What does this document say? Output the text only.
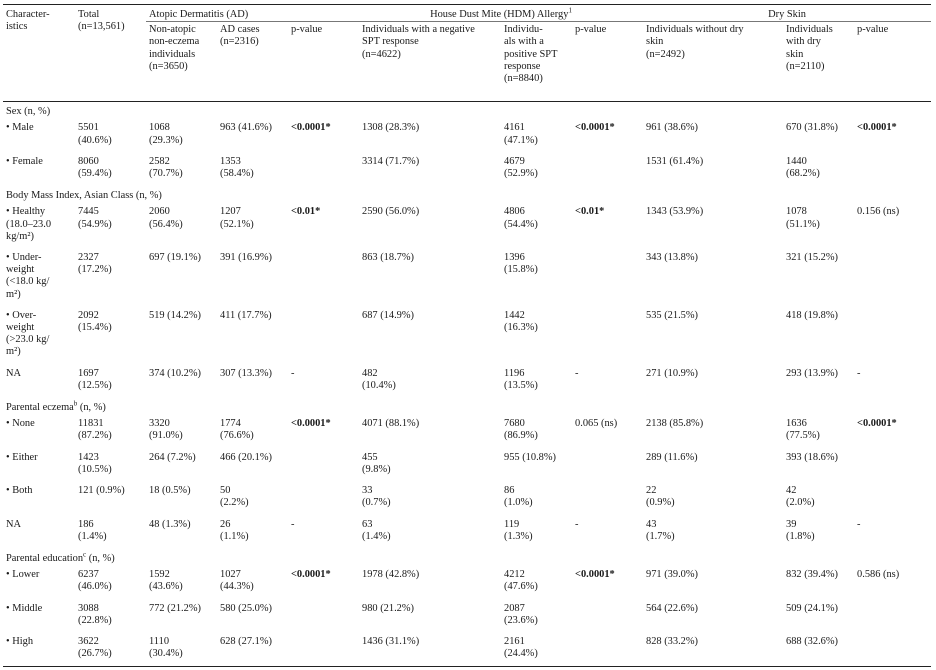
Character-
istics	Total
(n=13,561)	Atopic Dermatitis (AD)			House Dust Mite (HDM) Allergy$^1$			Dry Skin		
		Non-atopic
non-eczema
individuals
(n=3650)	AD cases
(n=2316)	p-value	Individuals with a negative
SPT response
(n=4622)	Individu-
als with a
positive SPT
response
(n=8840)	p-value	Individuals without dry
skin
(n=2492)	Individuals
with dry
skin
(n=2110)	p-value
Sex (n, %)										
• Male	5501
(40.6%)	1068
(29.3%)	963 (41.6%)	<0.0001*	1308 (28.3%)	4161
(47.1%)	<0.0001*	961 (38.6%)	670 (31.8%)	<0.0001*
• Female	8060
(59.4%)	2582
(70.7%)	1353
(58.4%)		3314 (71.7%)	4679
(52.9%)		1531 (61.4%)	1440
(68.2%)	
Body Mass Index, Asian Class (n, %)										
• Healthy
(18.0–23.0
kg/m²)	7445
(54.9%)	2060
(56.4%)	1207
(52.1%)	<0.01*	2590 (56.0%)	4806
(54.4%)	<0.01*	1343 (53.9%)	1078
(51.1%)	0.156 (ns)
• Under-
weight
(<18.0 kg/
m²)	2327
(17.2%)	697 (19.1%)	391 (16.9%)		863 (18.7%)	1396
(15.8%)		343 (13.8%)	321 (15.2%)	
• Over-
weight
(>23.0 kg/
m²)	2092
(15.4%)	519 (14.2%)	411 (17.7%)		687 (14.9%)	1442
(16.3%)		535 (21.5%)	418 (19.8%)	
NA	1697
(12.5%)	374 (10.2%)	307 (13.3%)	-	482
(10.4%)	1196
(13.5%)	-	271 (10.9%)	293 (13.9%)	-
Parental eczema$^b$ (n, %)										
• None	11831
(87.2%)	3320
(91.0%)	1774
(76.6%)	<0.0001*	4071 (88.1%)	7680
(86.9%)	0.065 (ns)	2138 (85.8%)	1636
(77.5%)	<0.0001*
• Either	1423
(10.5%)	264 (7.2%)	466 (20.1%)		455
(9.8%)	955 (10.8%)		289 (11.6%)	393 (18.6%)	
• Both	121 (0.9%)	18 (0.5%)	50
(2.2%)		33
(0.7%)	86
(1.0%)		22
(0.9%)	42
(2.0%)	
NA	186
(1.4%)	48 (1.3%)	26
(1.1%)	-	63
(1.4%)	119
(1.3%)	-	43
(1.7%)	39
(1.8%)	-
Parental education$^c$ (n, %)										
• Lower	6237
(46.0%)	1592
(43.6%)	1027
(44.3%)	<0.0001*	1978 (42.8%)	4212
(47.6%)	<0.0001*	971 (39.0%)	832 (39.4%)	0.586 (ns)
• Middle	3088
(22.8%)	772 (21.2%)	580 (25.0%)		980 (21.2%)	2087
(23.6%)		564 (22.6%)	509 (24.1%)	
• High	3622
(26.7%)	1110
(30.4%)	628 (27.1%)		1436 (31.1%)	2161
(24.4%)		828 (33.2%)	688 (32.6%)	
